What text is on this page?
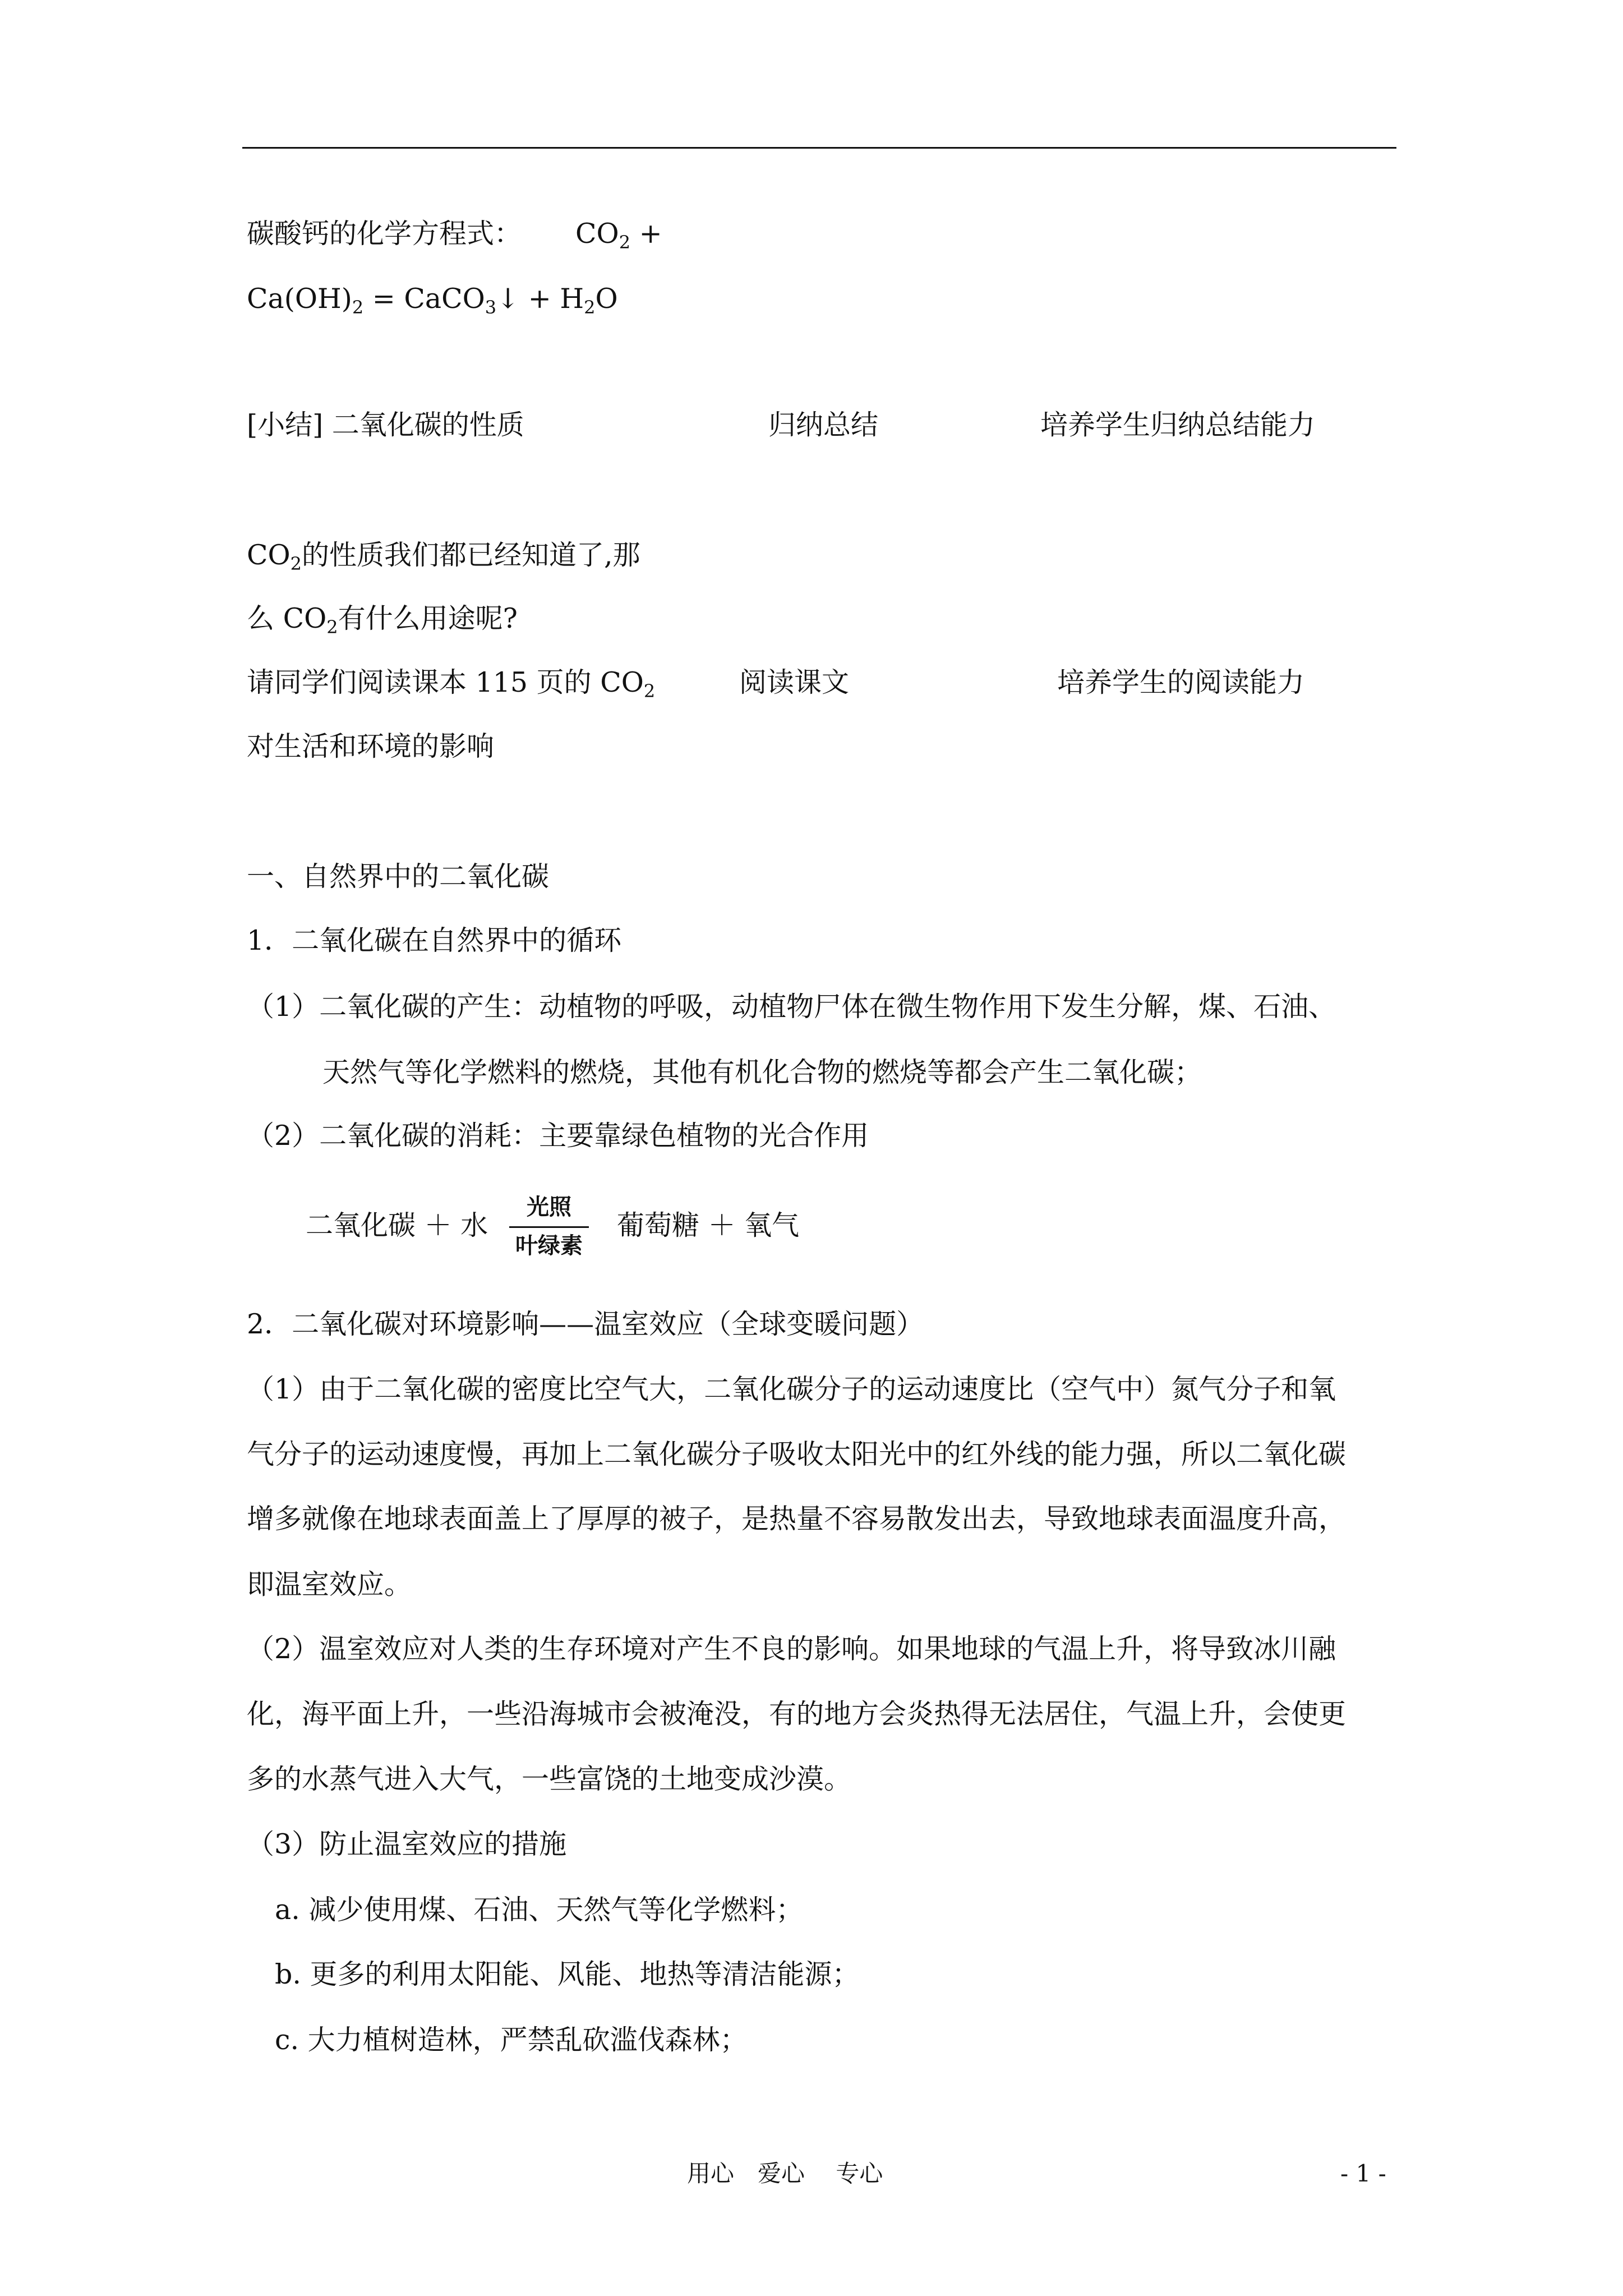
碳酸钙的化学方程式： $CO_2$ +
$Ca(OH)_2$ = CaCO$_3$↓ + $H_2O$
[小结] 二氧化碳的性质	归纳总结	培养学生归纳总结能力
$CO_2$的性质我们都已经知道了,那
么 $CO_2$有什么用途呢?
请同学们阅读课本 115 页的 $CO_2$	阅读课文	培养学生的阅读能力
对生活和环境的影响
一、自然界中的二氧化碳
1．二氧化碳在自然界中的循环
（1）二氧化碳的产生：动植物的呼吸，动植物尸体在微生物作用下发生分解，煤、石油、
天然气等化学燃料的燃烧，其他有机化合物的燃烧等都会产生二氧化碳；
（2）二氧化碳的消耗：主要靠绿色植物的光合作用
二氧化碳 ＋ 水
光照
叶绿素
葡萄糖 ＋ 氧气
2．二氧化碳对环境影响——温室效应（全球变暖问题）
（1）由于二氧化碳的密度比空气大，二氧化碳分子的运动速度比（空气中）氮气分子和氧
气分子的运动速度慢，再加上二氧化碳分子吸收太阳光中的红外线的能力强，所以二氧化碳
增多就像在地球表面盖上了厚厚的被子，是热量不容易散发出去，导致地球表面温度升高，
即温室效应。
（2）温室效应对人类的生存环境对产生不良的影响。如果地球的气温上升，将导致冰川融
化，海平面上升，一些沿海城市会被淹没，有的地方会炎热得无法居住，气温上升，会使更
多的水蒸气进入大气，一些富饶的土地变成沙漠。
（3）防止温室效应的措施
a. 减少使用煤、石油、天然气等化学燃料；
b. 更多的利用太阳能、风能、地热等清洁能源；
c. 大力植树造林，严禁乱砍滥伐森林；
用心　爱心　 专心	- 1 -
